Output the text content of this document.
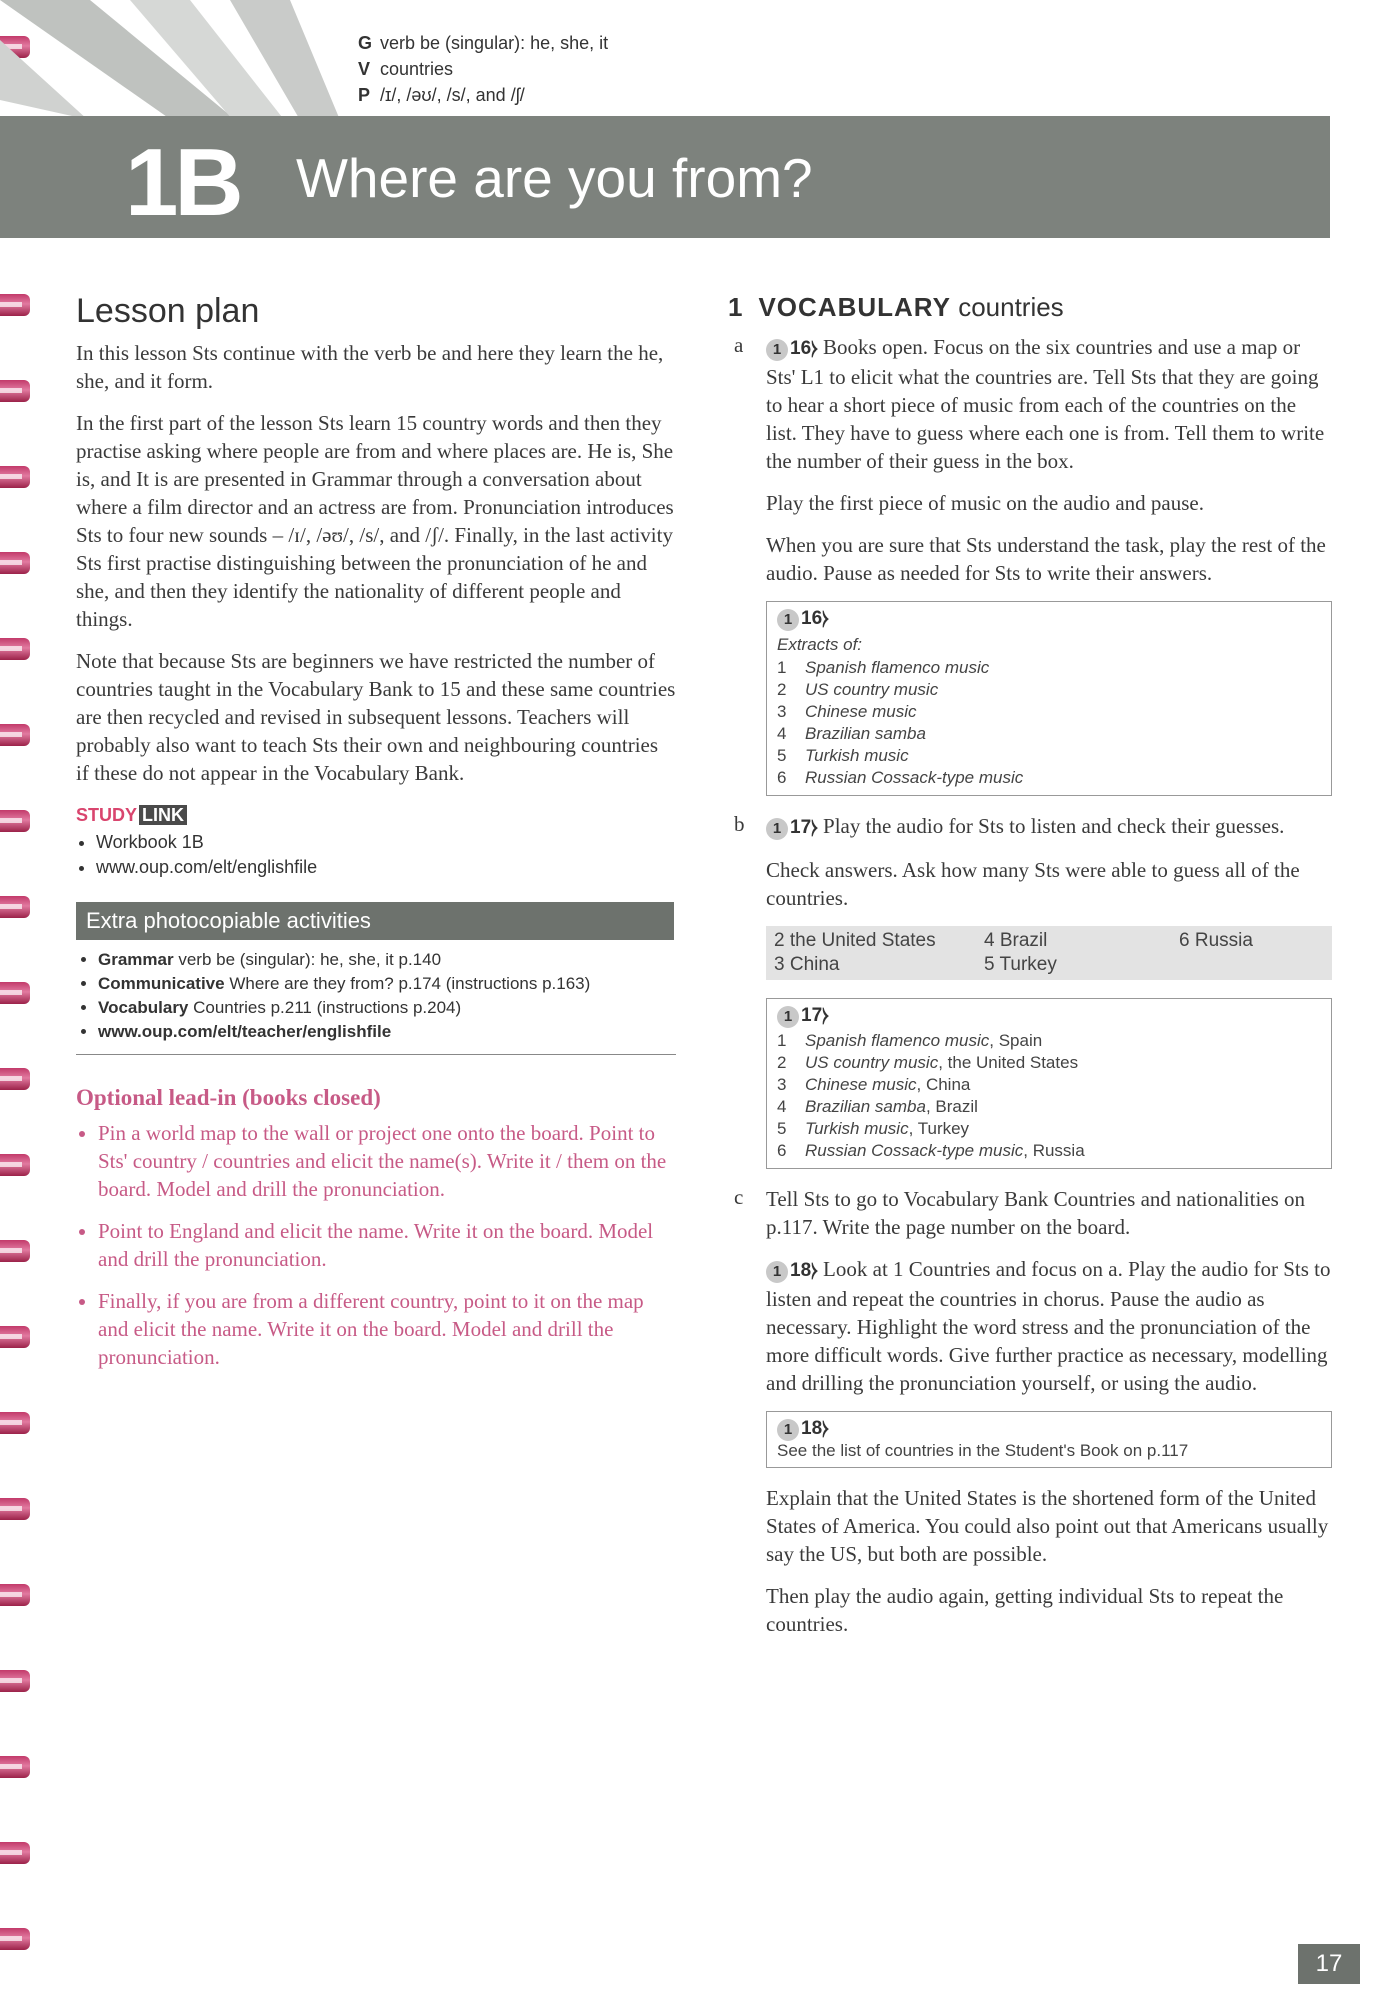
G verb be (singular): he, she, it
V countries
P /ɪ/, /əʊ/, /s/, and /ʃ/
1B Where are you from?
Lesson plan

In this lesson Sts continue with the verb be and here they learn the he, she, and it form.

In the first part of the lesson Sts learn 15 country words and then they practise asking where people are from and where places are. He is, She is, and It is are presented in Grammar through a conversation about where a film director and an actress are from. Pronunciation introduces Sts to four new sounds – /ɪ/, /əʊ/, /s/, and /ʃ/. Finally, in the last activity Sts first practise distinguishing between the pronunciation of he and she, and then they identify the nationality of different people and things.

Note that because Sts are beginners we have restricted the number of countries taught in the Vocabulary Bank to 15 and these same countries are then recycled and revised in subsequent lessons. Teachers will probably also want to teach Sts their own and neighbouring countries if these do not appear in the Vocabulary Bank.

STUDY LINK
• Workbook 1B
• www.oup.com/elt/englishfile
Extra photocopiable activities
• Grammar verb be (singular): he, she, it p.140
• Communicative Where are they from? p.174 (instructions p.163)
• Vocabulary Countries p.211 (instructions p.204)
• www.oup.com/elt/teacher/englishfile
Optional lead-in (books closed)
• Pin a world map to the wall or project one onto the board. Point to Sts' country / countries and elicit the name(s). Write it / them on the board. Model and drill the pronunciation.
• Point to England and elicit the name. Write it on the board. Model and drill the pronunciation.
• Finally, if you are from a different country, point to it on the map and elicit the name. Write it on the board. Model and drill the pronunciation.
1 VOCABULARY countries
a	1 16⧽ Books open. Focus on the six countries and use a map or Sts' L1 to elicit what the countries are. Tell Sts that they are going to hear a short piece of music from each of the countries on the list. They have to guess where each one is from. Tell them to write the number of their guess in the box.

Play the first piece of music on the audio and pause.

When you are sure that Sts understand the task, play the rest of the audio. Pause as needed for Sts to write their answers.

1 16⧽
Extracts of:
1 Spanish flamenco music
2 US country music
3 Chinese music
4 Brazilian samba
5 Turkish music
6 Russian Cossack-type music
b	1 17⧽ Play the audio for Sts to listen and check their guesses.

Check answers. Ask how many Sts were able to guess all of the countries.

2 the United States	4 Brazil	6 Russia
3 China	5 Turkey
1 17⧽
1 Spanish flamenco music, Spain
2 US country music, the United States
3 Chinese music, China
4 Brazilian samba, Brazil
5 Turkish music, Turkey
6 Russian Cossack-type music, Russia
c Tell Sts to go to Vocabulary Bank Countries and nationalities on p.117. Write the page number on the board.

1 18⧽ Look at 1 Countries and focus on a. Play the audio for Sts to listen and repeat the countries in chorus. Pause the audio as necessary. Highlight the word stress and the pronunciation of the more difficult words. Give further practice as necessary, modelling and drilling the pronunciation yourself, or using the audio.

1 18⧽
See the list of countries in the Student's Book on p.117

Explain that the United States is the shortened form of the United States of America. You could also point out that Americans usually say the US, but both are possible.

Then play the audio again, getting individual Sts to repeat the countries.

17
